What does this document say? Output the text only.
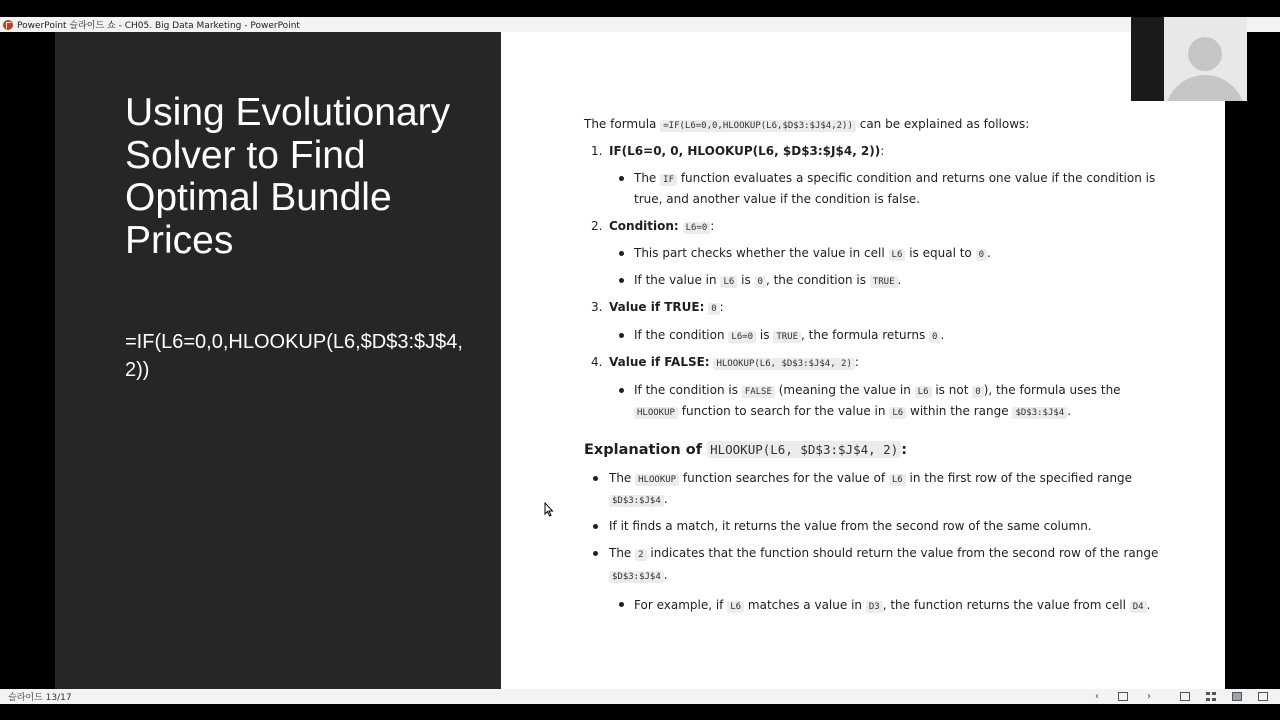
PowerPoint 슬라이드 쇼 - CH05. Big Data Marketing - PowerPoint
Using Evolutionary Solver to Find Optimal Bundle Prices
=IF(L6=0,0,HLOOKUP(L6,$D$3:$J$4,2))
The formula =IF(L6=0,0,HLOOKUP(L6,$D$3:$J$4,2)) can be explained as follows:
1. IF(L6=0, 0, HLOOKUP(L6, $D$3:$J$4, 2)):
The IF function evaluates a specific condition and returns one value if the condition is
true, and another value if the condition is false.
2. Condition: L6=0 :
This part checks whether the value in cell L6 is equal to 0 .
If the value in L6 is 0 , the condition is TRUE .
3. Value if TRUE: 0 :
If the condition L6=0 is TRUE , the formula returns 0 .
4. Value if FALSE: HLOOKUP(L6, $D$3:$J$4, 2) :
If the condition is FALSE (meaning the value in L6 is not 0 ), the formula uses the
HLOOKUP function to search for the value in L6 within the range $D$3:$J$4 .
Explanation of HLOOKUP(L6, $D$3:$J$4, 2) :
The HLOOKUP function searches for the value of L6 in the first row of the specified range
$D$3:$J$4 .
If it finds a match, it returns the value from the second row of the same column.
The 2 indicates that the function should return the value from the second row of the range
$D$3:$J$4 .
For example, if L6 matches a value in D3 , the function returns the value from cell D4 .
슬라이드 13/17	‹	›
